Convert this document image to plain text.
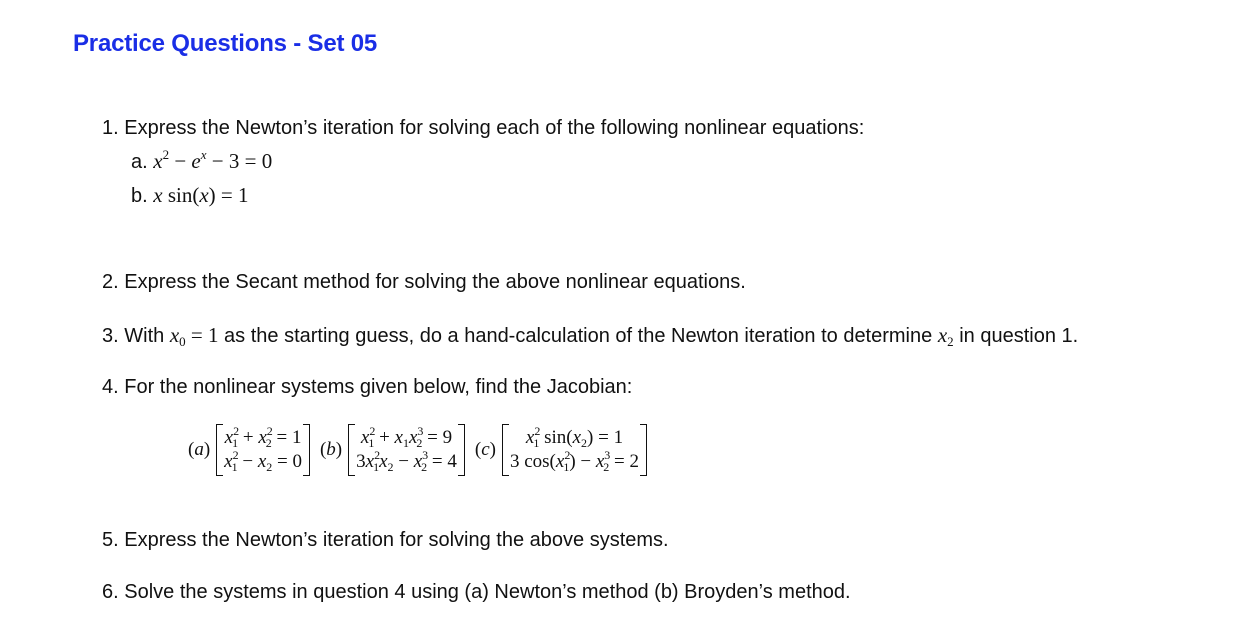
Practice Questions - Set 05
1. Express the Newton’s iteration for solving each of the following nonlinear equations:
a. $x^2 - e^x - 3 = 0$
b. x sin(x) = 1
2. Express the Secant method for solving the above nonlinear equations.
3. With $x_0 = 1$ as the starting guess, do a hand-calculation of the Newton iteration to determine $x_2$ in question 1.
4. For the nonlinear systems given below, find the Jacobian:
(a)
$x^2_1 + x^2_2 = 1$
$x^2_1 - x_2 = 0$
(b)
$x^2_1 + x_1x^3_2 = 9$
$3x^2_1x_2 - x^3_2 = 4$
(c)
$x^2_1$ $\sin(x_2) = 1$
3 $\cos(x^2_1) - x^3_2 = 2$
5. Express the Newton’s iteration for solving the above systems.
6. Solve the systems in question 4 using (a) Newton’s method (b) Broyden’s method.
